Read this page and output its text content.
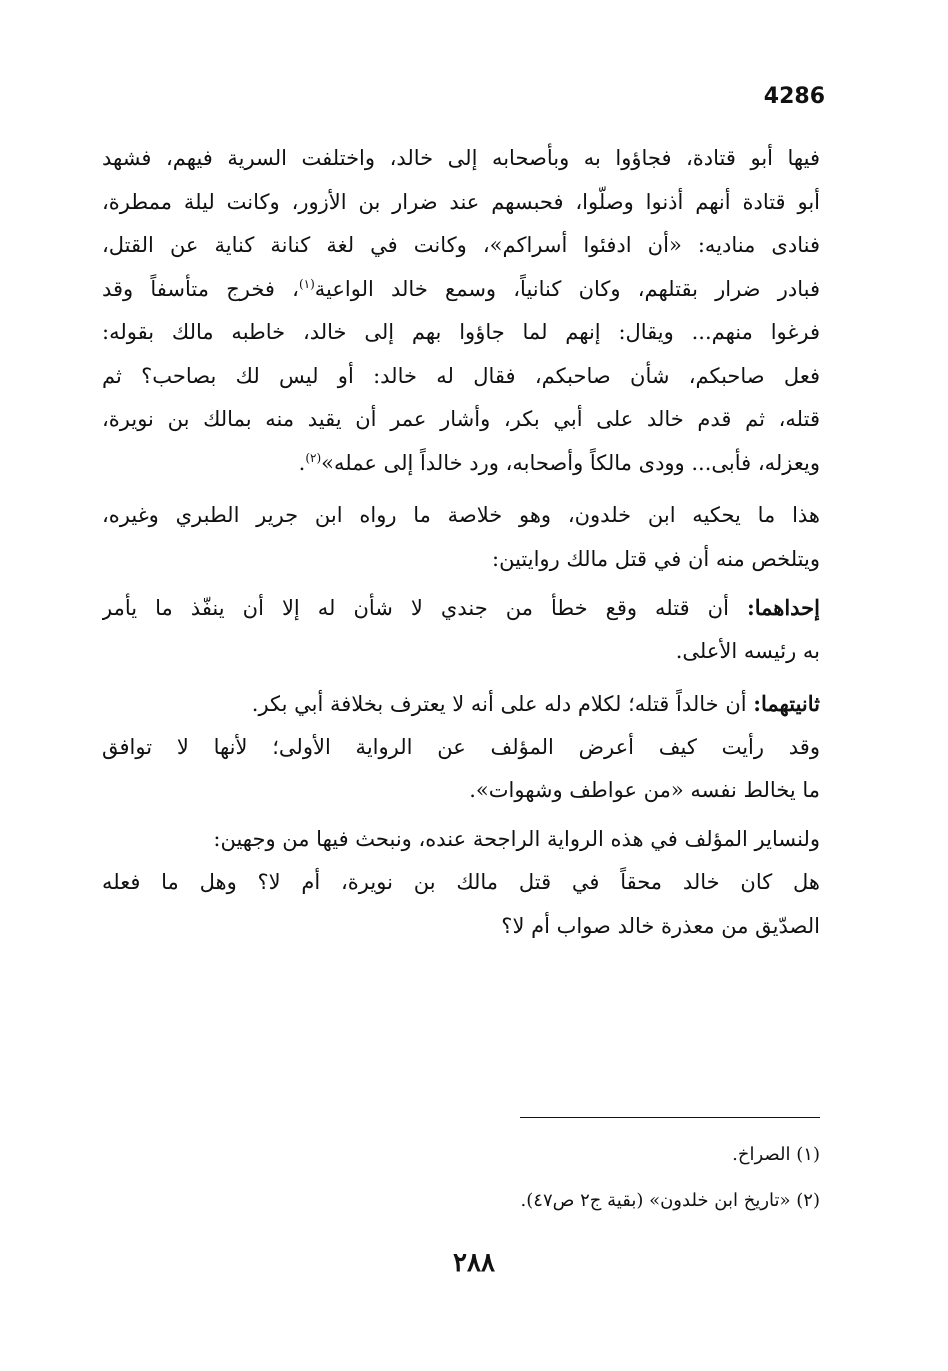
4286
فيها أبو قتادة، فجاؤوا به وبأصحابه إلى خالد، واختلفت السرية فيهم، فشهد
أبو قتادة أنهم أذنوا وصلّوا، فحبسهم عند ضرار بن الأزور، وكانت ليلة ممطرة،
فنادى مناديه: «أن ادفئوا أسراكم»، وكانت في لغة كنانة كناية عن القتل،
فبادر ضرار بقتلهم، وكان كنانياً، وسمع خالد الواعية$^{(١)}$، فخرج متأسفاً وقد
فرغوا منهم... ويقال: إنهم لما جاؤوا بهم إلى خالد، خاطبه مالك بقوله:
فعل صاحبكم، شأن صاحبكم، فقال له خالد: أو ليس لك بصاحب؟ ثم
قتله، ثم قدم خالد على أبي بكر، وأشار عمر أن يقيد منه بمالك بن نويرة،
ويعزله، فأبى... وودى مالكاً وأصحابه، ورد خالداً إلى عمله»$^{(٢)}$.
هذا ما يحكيه ابن خلدون، وهو خلاصة ما رواه ابن جرير الطبري وغيره،
ويتلخص منه أن في قتل مالك روايتين:
إحداهما: أن قتله وقع خطأ من جندي لا شأن له إلا أن ينفّذ ما يأمر
به رئيسه الأعلى.
ثانيتهما: أن خالداً قتله؛ لكلام دله على أنه لا يعترف بخلافة أبي بكر.
وقد رأيت كيف أعرض المؤلف عن الرواية الأولى؛ لأنها لا توافق
ما يخالط نفسه «من عواطف وشهوات».
ولنساير المؤلف في هذه الرواية الراجحة عنده، ونبحث فيها من وجهين:
هل كان خالد محقاً في قتل مالك بن نويرة، أم لا؟ وهل ما فعله
الصدّيق من معذرة خالد صواب أم لا؟
(١) الصراخ.
(٢) «تاريخ ابن خلدون» (بقية ج٢ ص٤٧).
٢٨٨
